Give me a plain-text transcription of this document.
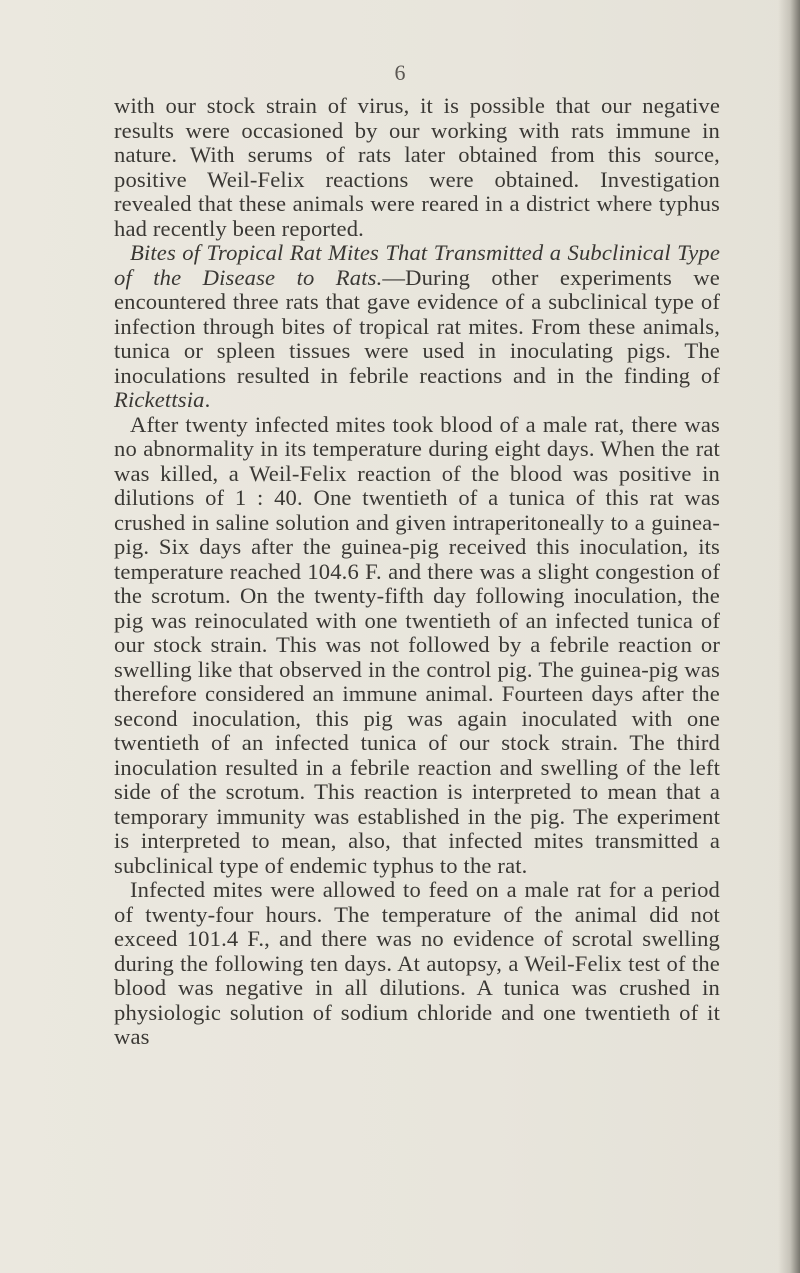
6

with our stock strain of virus, it is possible that our negative results were occasioned by our working with rats immune in nature. With serums of rats later obtained from this source, positive Weil-Felix reactions were obtained. Investigation revealed that these animals were reared in a district where typhus had recently been reported.

Bites of Tropical Rat Mites That Transmitted a Subclinical Type of the Disease to Rats.—During other experiments we encountered three rats that gave evidence of a subclinical type of infection through bites of tropical rat mites. From these animals, tunica or spleen tissues were used in inoculating pigs. The inoculations resulted in febrile reactions and in the finding of Rickettsia.

After twenty infected mites took blood of a male rat, there was no abnormality in its temperature during eight days. When the rat was killed, a Weil-Felix reaction of the blood was positive in dilutions of 1 : 40. One twentieth of a tunica of this rat was crushed in saline solution and given intraperitoneally to a guinea-pig. Six days after the guinea-pig received this inoculation, its temperature reached 104.6 F. and there was a slight congestion of the scrotum. On the twenty-fifth day following inoculation, the pig was reinoculated with one twentieth of an infected tunica of our stock strain. This was not followed by a febrile reaction or swelling like that observed in the control pig. The guinea-pig was therefore considered an immune animal. Fourteen days after the second inoculation, this pig was again inoculated with one twentieth of an infected tunica of our stock strain. The third inoculation resulted in a febrile reaction and swelling of the left side of the scrotum. This reaction is interpreted to mean that a temporary immunity was established in the pig. The experiment is interpreted to mean, also, that infected mites transmitted a subclinical type of endemic typhus to the rat.

Infected mites were allowed to feed on a male rat for a period of twenty-four hours. The temperature of the animal did not exceed 101.4 F., and there was no evidence of scrotal swelling during the following ten days. At autopsy, a Weil-Felix test of the blood was negative in all dilutions. A tunica was crushed in physiologic solution of sodium chloride and one twentieth of it was
